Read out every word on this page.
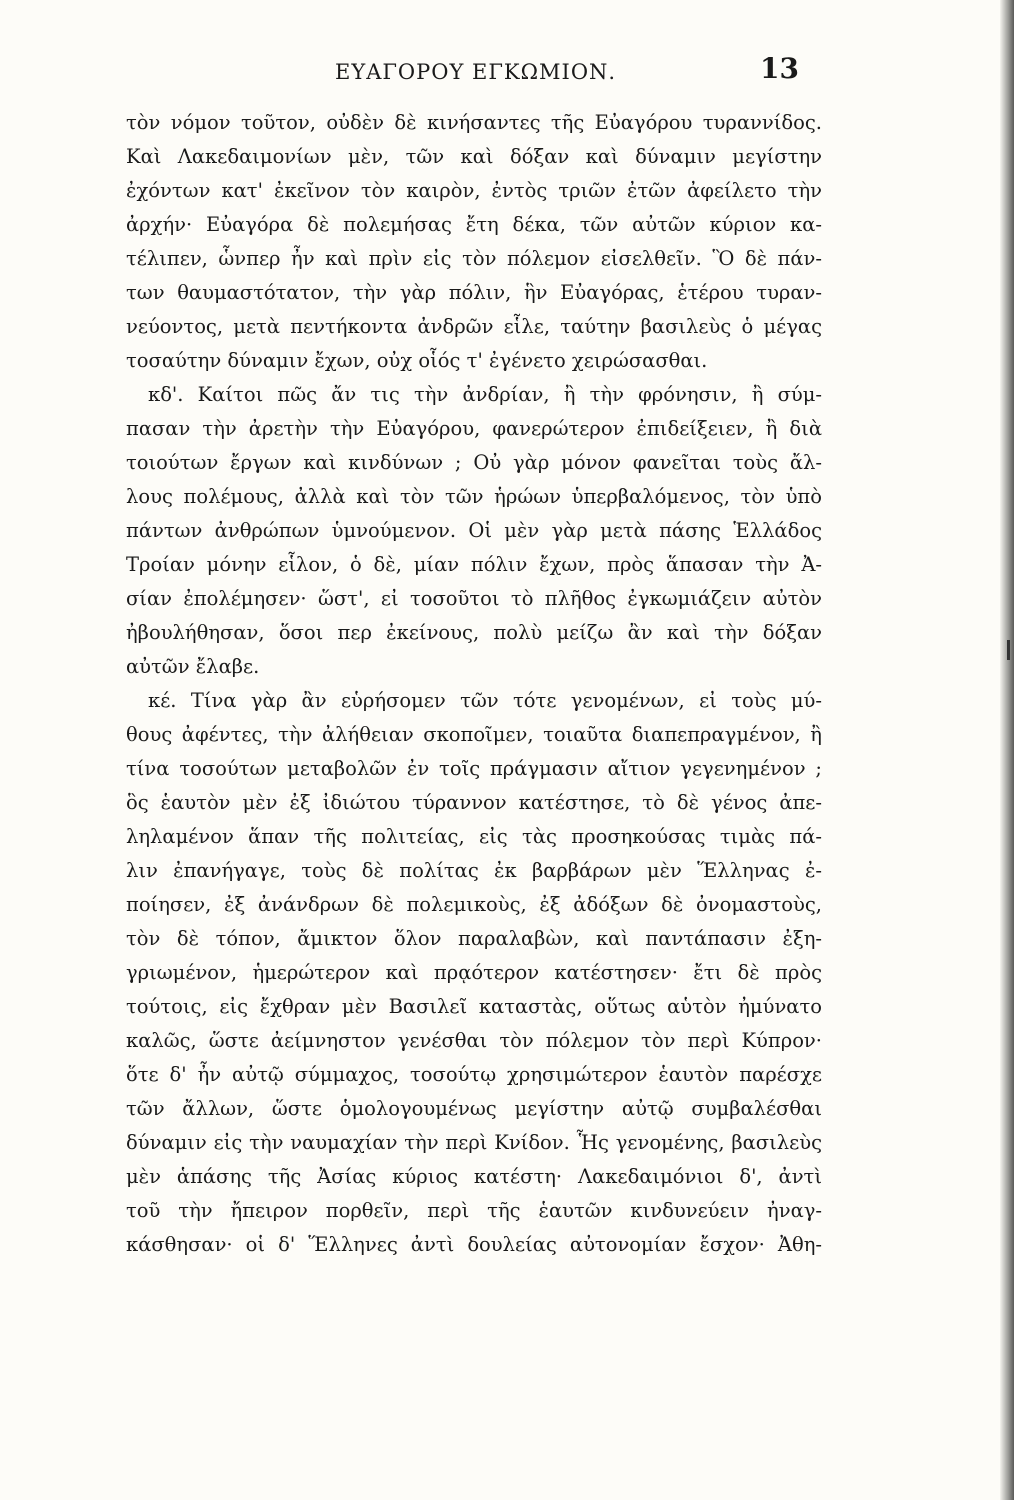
ΕΥΑΓΟΡΟΥ ΕΓΚΩΜΙΟΝ.	13
τὸν νόμον τοῦτον, οὐδὲν δὲ κινήσαντες τῆς Εὐαγόρου τυραννίδος.
Καὶ Λακεδαιμονίων μὲν, τῶν καὶ δόξαν καὶ δύναμιν μεγίστην
ἐχόντων κατ' ἐκεῖνον τὸν καιρὸν, ἐντὸς τριῶν ἐτῶν ἀφείλετο τὴν
ἀρχήν· Εὐαγόρα δὲ πολεμήσας ἔτη δέκα, τῶν αὐτῶν κύριον κα-
τέλιπεν, ὧνπερ ἦν καὶ πρὶν εἰς τὸν πόλεμον εἰσελθεῖν. Ὃ δὲ πάν-
των θαυμαστότατον, τὴν γὰρ πόλιν, ἣν Εὐαγόρας, ἑτέρου τυραν-
νεύοντος, μετὰ πεντήκοντα ἀνδρῶν εἷλε, ταύτην βασιλεὺς ὁ μέγας
τοσαύτην δύναμιν ἔχων, οὐχ οἷός τ' ἐγένετο χειρώσασθαι.
κδ'. Καίτοι πῶς ἄν τις τὴν ἀνδρίαν, ἢ τὴν φρόνησιν, ἢ σύμ-
πασαν τὴν ἀρετὴν τὴν Εὐαγόρου, φανερώτερον ἐπιδείξειεν, ἢ διὰ
τοιούτων ἔργων καὶ κινδύνων ; Οὐ γὰρ μόνον φανεῖται τοὺς ἄλ-
λους πολέμους, ἀλλὰ καὶ τὸν τῶν ἡρώων ὑπερβαλόμενος, τὸν ὑπὸ
πάντων ἀνθρώπων ὑμνούμενον. Οἱ μὲν γὰρ μετὰ πάσης Ἑλλάδος
Τροίαν μόνην εἷλον, ὁ δὲ, μίαν πόλιν ἔχων, πρὸς ἅπασαν τὴν Ἀ-
σίαν ἐπολέμησεν· ὥστ', εἰ τοσοῦτοι τὸ πλῆθος ἐγκωμιάζειν αὐτὸν
ἠβουλήθησαν, ὅσοι περ ἐκείνους, πολὺ μείζω ἂν καὶ τὴν δόξαν
αὐτῶν ἔλαβε.
κέ. Τίνα γὰρ ἂν εὑρήσομεν τῶν τότε γενομένων, εἰ τοὺς μύ-
θους ἀφέντες, τὴν ἀλήθειαν σκοποῖμεν, τοιαῦτα διαπεπραγμένον, ἢ
τίνα τοσούτων μεταβολῶν ἐν τοῖς πράγμασιν αἴτιον γεγενημένον ;
ὃς ἑαυτὸν μὲν ἐξ ἰδιώτου τύραννον κατέστησε, τὸ δὲ γένος ἀπε-
ληλαμένον ἅπαν τῆς πολιτείας, εἰς τὰς προσηκούσας τιμὰς πά-
λιν ἐπανήγαγε, τοὺς δὲ πολίτας ἐκ βαρβάρων μὲν Ἕλληνας ἐ-
ποίησεν, ἐξ ἀνάνδρων δὲ πολεμικοὺς, ἐξ ἀδόξων δὲ ὀνομαστοὺς,
τὸν δὲ τόπον, ἄμικτον ὅλον παραλαβὼν, καὶ παντάπασιν ἐξη-
γριωμένον, ἡμερώτερον καὶ πρᾳότερον κατέστησεν· ἔτι δὲ πρὸς
τούτοις, εἰς ἔχθραν μὲν Βασιλεῖ καταστὰς, οὕτως αὑτὸν ἠμύνατο
καλῶς, ὥστε ἀείμνηστον γενέσθαι τὸν πόλεμον τὸν περὶ Κύπρον·
ὅτε δ' ἦν αὐτῷ σύμμαχος, τοσούτῳ χρησιμώτερον ἑαυτὸν παρέσχε
τῶν ἄλλων, ὥστε ὁμολογουμένως μεγίστην αὐτῷ συμβαλέσθαι
δύναμιν εἰς τὴν ναυμαχίαν τὴν περὶ Κνίδον. Ἧς γενομένης, βασιλεὺς
μὲν ἁπάσης τῆς Ἀσίας κύριος κατέστη· Λακεδαιμόνιοι δ', ἀντὶ
τοῦ τὴν ἤπειρον πορθεῖν, περὶ τῆς ἑαυτῶν κινδυνεύειν ἠναγ-
κάσθησαν· οἱ δ' Ἕλληνες ἀντὶ δουλείας αὐτονομίαν ἔσχον· Ἀθη-
